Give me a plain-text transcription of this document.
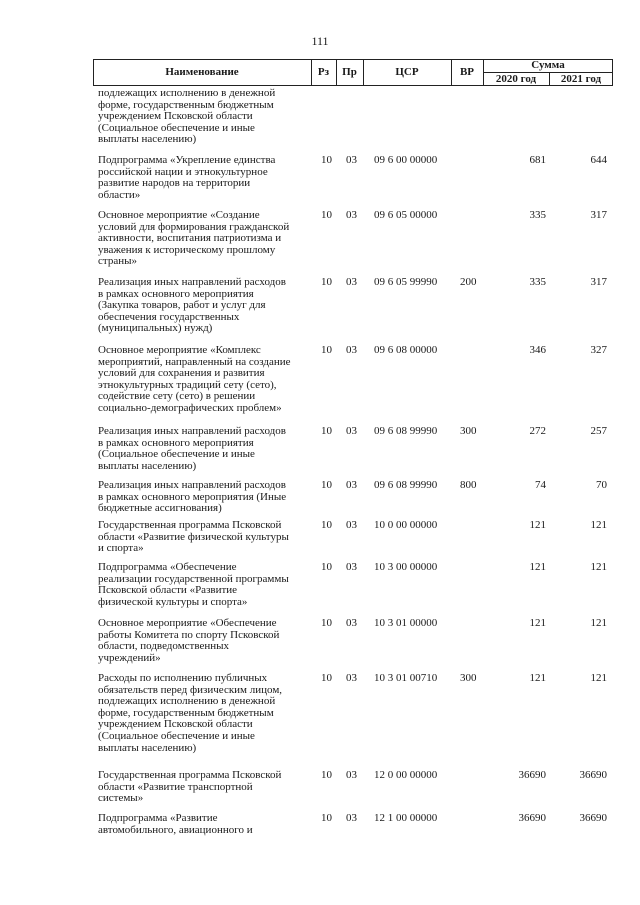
111
Наименование	Рз	Пр	ЦСР	ВР
Сумма
2020 год	2021 год
подлежащих исполнению в денежной
форме, государственным бюджетным
учреждением Псковской области
(Социальное обеспечение и иные
выплаты населению)
Подпрограмма «Укрепление единства
российской нации и этнокультурное
развитие народов на территории
области»
10 03 09 6 00 00000	681	644
Основное мероприятие «Создание
условий для формирования гражданской
активности, воспитания патриотизма и
уважения к историческому прошлому
страны»
10 03 09 6 05 00000	335	317
Реализация иных направлений расходов
в рамках основного мероприятия
(Закупка товаров, работ и услуг для
обеспечения государственных
(муниципальных) нужд)
10 03 09 6 05 99990 200	335	317
Основное мероприятие «Комплекс
мероприятий, направленный на создание
условий для сохранения и развития
этнокультурных традиций сету (сето),
содействие сету (сето) в решении
социально-демографических проблем»
10 03 09 6 08 00000	346	327
Реализация иных направлений расходов
в рамках основного мероприятия
(Социальное обеспечение и иные
выплаты населению)
10 03 09 6 08 99990 300	272	257
Реализация иных направлений расходов
в рамках основного мероприятия (Иные
бюджетные ассигнования)
10 03 09 6 08 99990 800	74	70
Государственная программа Псковской
области «Развитие физической культуры
и спорта»
10 03 10 0 00 00000	121	121
Подпрограмма «Обеспечение
реализации государственной программы
Псковской области «Развитие
физической культуры и спорта»
10 03 10 3 00 00000	121	121
Основное мероприятие «Обеспечение
работы Комитета по спорту Псковской
области, подведомственных
учреждений»
10 03 10 3 01 00000	121	121
Расходы по исполнению публичных
обязательств перед физическим лицом,
подлежащих исполнению в денежной
форме, государственным бюджетным
учреждением Псковской области
(Социальное обеспечение и иные
выплаты населению)
10 03 10 3 01 00710 300	121	121
Государственная программа Псковской
области «Развитие транспортной
системы»
10 03 12 0 00 00000	36690	36690
Подпрограмма «Развитие
автомобильного, авиационного и
10 03 12 1 00 00000	36690	36690
